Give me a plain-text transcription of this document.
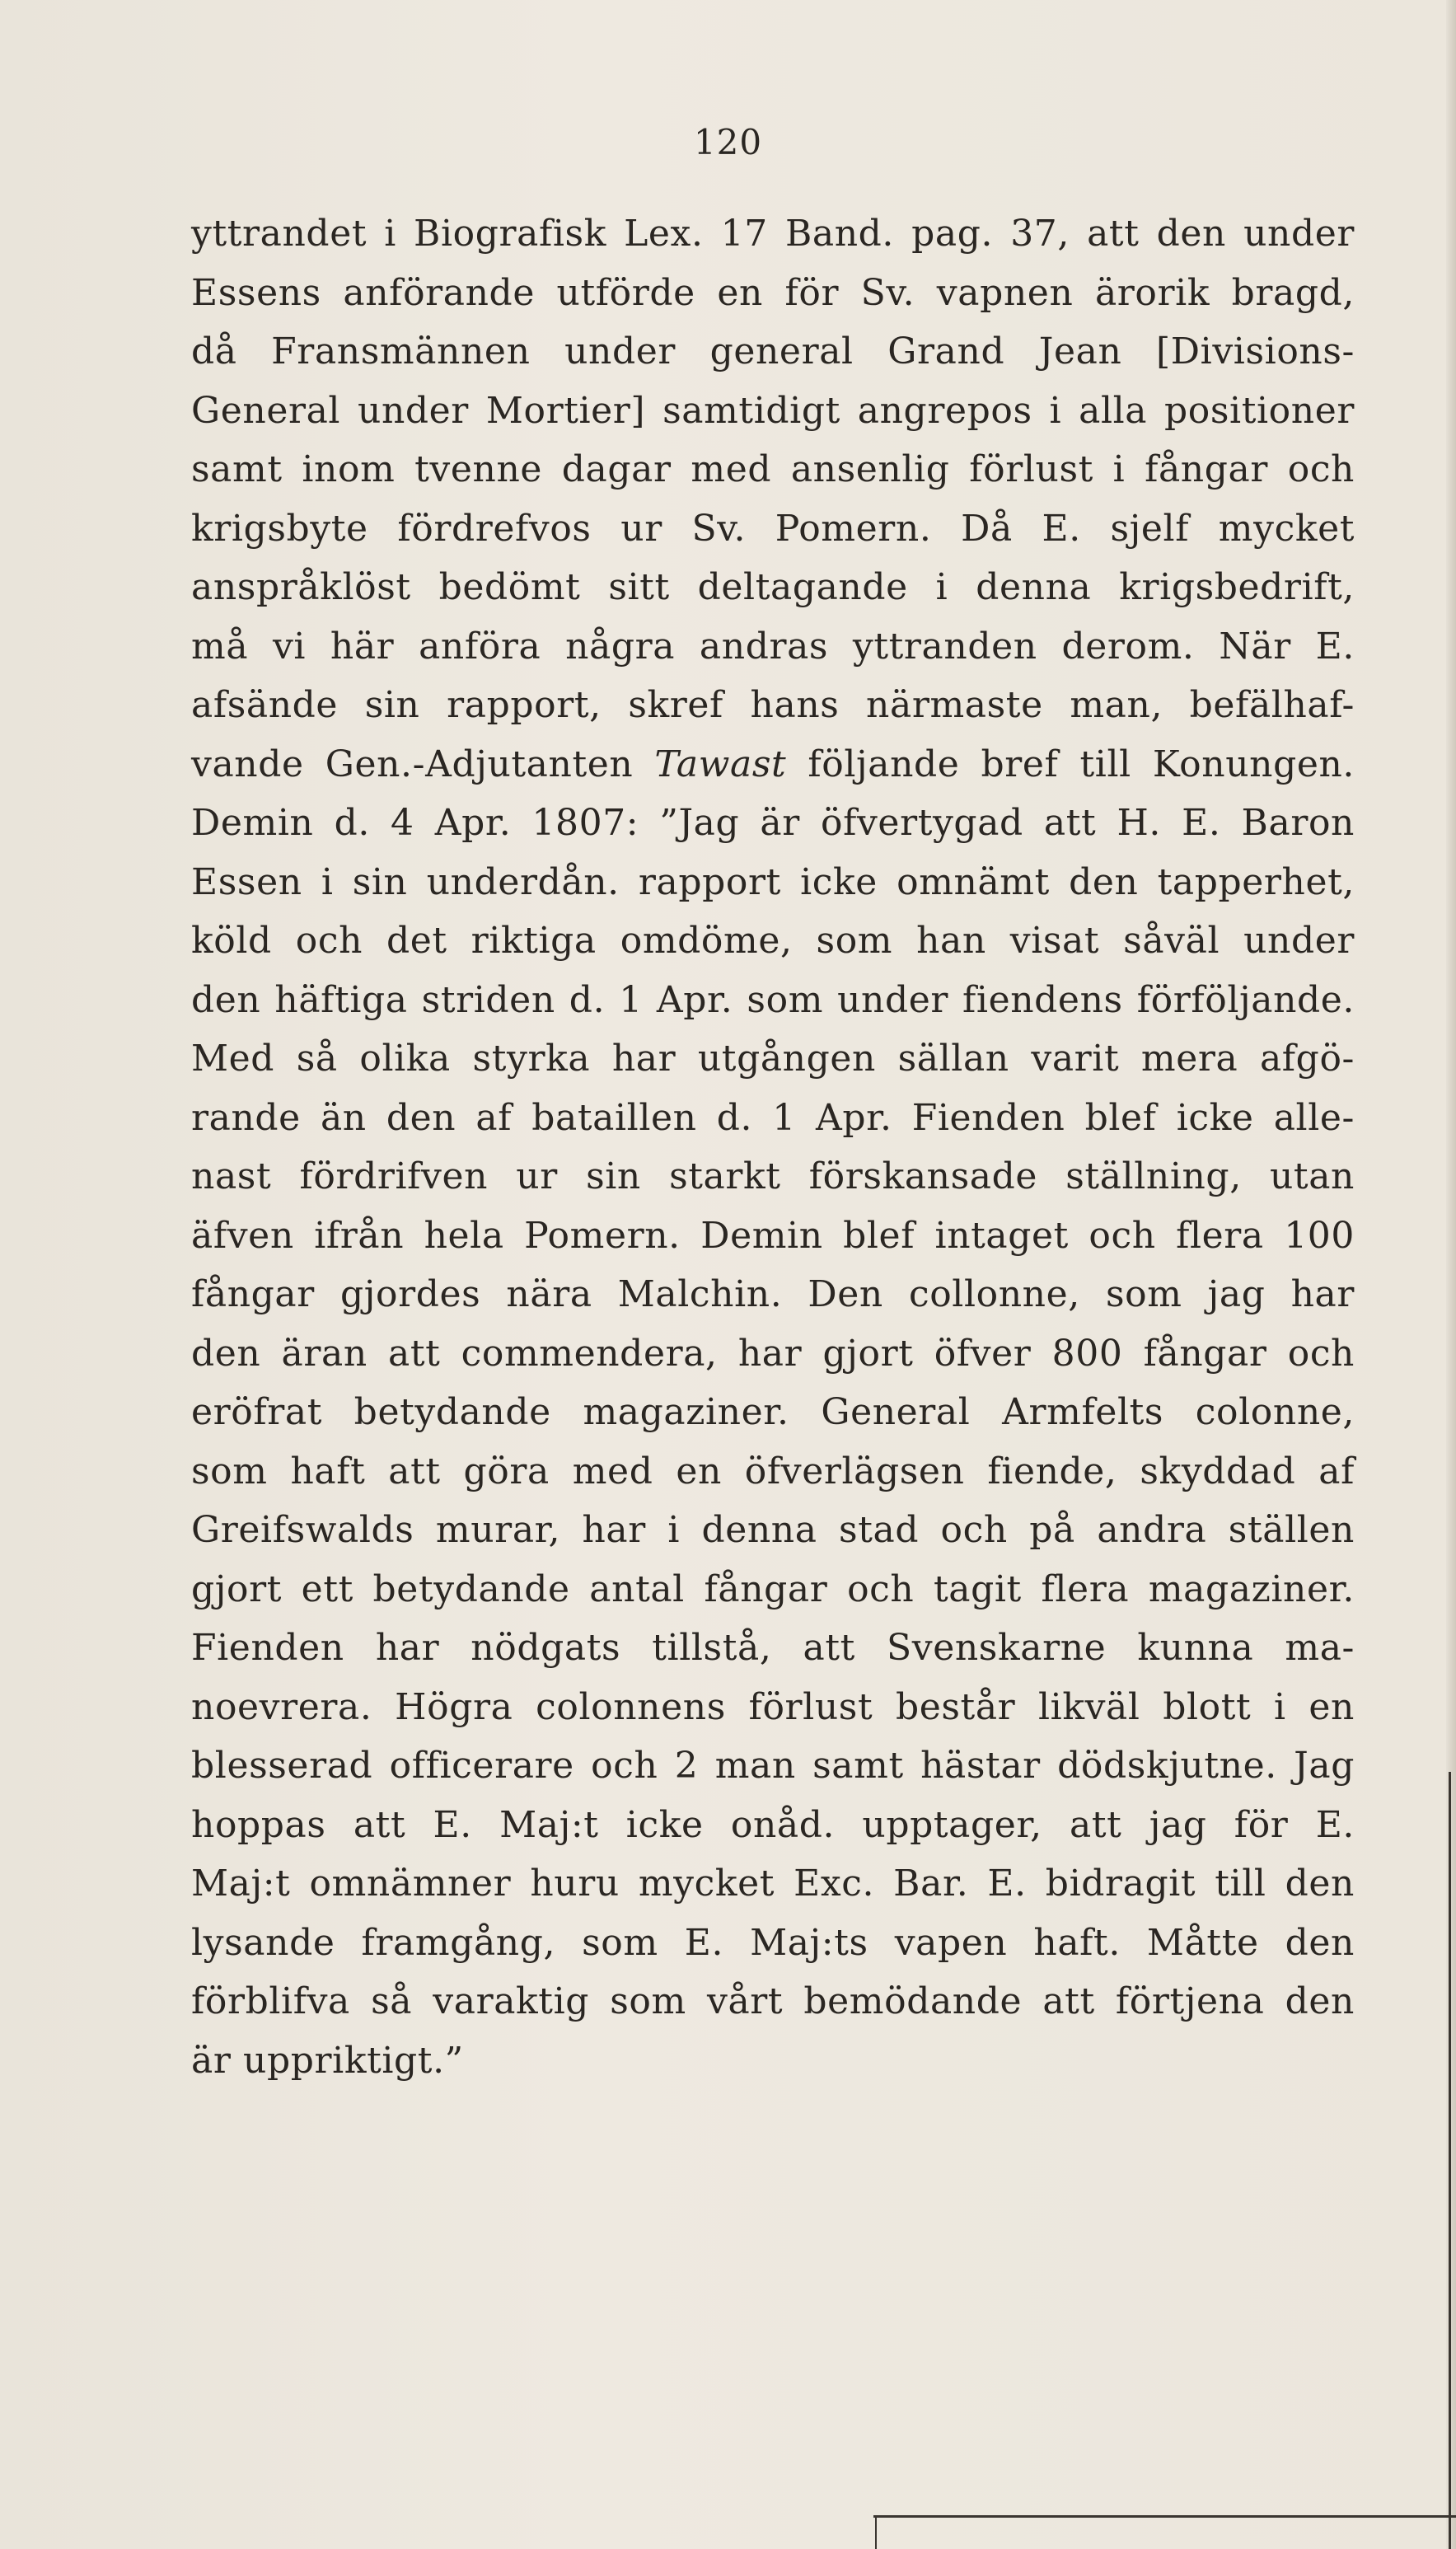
120
yttrandet i Biografisk Lex. 17 Band. pag. 37, att den under
Essens anförande utförde en för Sv. vapnen ärorik bragd,
då Fransmännen under general Grand Jean [Divisions-
General under Mortier] samtidigt angrepos i alla positioner
samt inom tvenne dagar med ansenlig förlust i fångar och
krigsbyte fördrefvos ur Sv. Pomern. Då E. sjelf mycket
anspråklöst bedömt sitt deltagande i denna krigsbedrift,
må vi här anföra några andras yttranden derom. När E.
afsände sin rapport, skref hans närmaste man, befälhaf-
vande Gen.-Adjutanten Tawast följande bref till Konungen.
Demin d. 4 Apr. 1807: ”Jag är öfvertygad att H. E. Baron
Essen i sin underdån. rapport icke omnämt den tapperhet,
köld och det riktiga omdöme, som han visat såväl under
den häftiga striden d. 1 Apr. som under fiendens förföljande.
Med så olika styrka har utgången sällan varit mera afgö-
rande än den af bataillen d. 1 Apr. Fienden blef icke alle-
nast fördrifven ur sin starkt förskansade ställning, utan
äfven ifrån hela Pomern. Demin blef intaget och flera 100
fångar gjordes nära Malchin. Den collonne, som jag har
den äran att commendera, har gjort öfver 800 fångar och
eröfrat betydande magaziner. General Armfelts colonne,
som haft att göra med en öfverlägsen fiende, skyddad af
Greifswalds murar, har i denna stad och på andra ställen
gjort ett betydande antal fångar och tagit flera magaziner.
Fienden har nödgats tillstå, att Svenskarne kunna ma-
noevrera. Högra colonnens förlust består likväl blott i en
blesserad officerare och 2 man samt hästar dödskjutne. Jag
hoppas att E. Maj:t icke onåd. upptager, att jag för E.
Maj:t omnämner huru mycket Exc. Bar. E. bidragit till den
lysande framgång, som E. Maj:ts vapen haft. Måtte den
förblifva så varaktig som vårt bemödande att förtjena den
är uppriktigt.”
